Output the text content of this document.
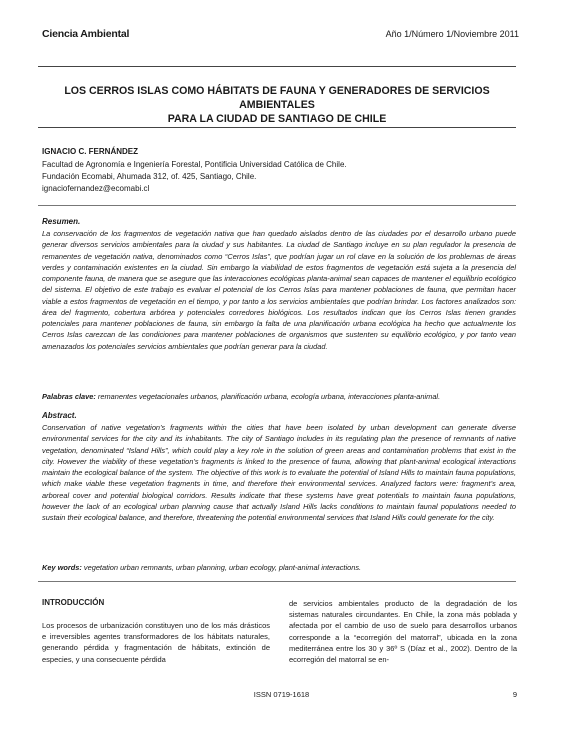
Ciencia Ambiental	Año 1/Número 1/Noviembre 2011
LOS CERROS ISLAS COMO HÁBITATS DE FAUNA Y GENERADORES DE SERVICIOS AMBIENTALES
PARA LA CIUDAD DE SANTIAGO DE CHILE
IGNACIO C. FERNÁNDEZ
Facultad de Agronomía e Ingeniería Forestal, Pontificia Universidad Católica de Chile.
Fundación Ecomabi, Ahumada 312, of. 425, Santiago, Chile.
ignaciofernandez@ecomabi.cl
Resumen.

La conservación de los fragmentos de vegetación nativa que han quedado aislados dentro de las ciudades por el desarrollo urbano puede generar diversos servicios ambientales para la ciudad y sus habitantes. La ciudad de Santiago incluye en su plan regulador la presencia de remanentes de vegetación nativa, denominados como “Cerros Islas”, que podrían jugar un rol clave en la solución de los problemas de áreas verdes y contaminación existentes en la ciudad. Sin embargo la viabilidad de estos fragmentos de vegetación está sujeta a la presencia del componente fauna, de manera que se asegure que las interacciones ecológicas planta-animal sean capaces de mantener el equilibrio ecológico del sistema. El objetivo de este trabajo es evaluar el potencial de los Cerros Islas para mantener poblaciones de fauna, que permitan hacer viable a estos fragmentos de vegetación en el tiempo, y por tanto a los servicios ambientales que podrían brindar. Los factores analizados son: área del fragmento, cobertura arbórea y potenciales corredores biológicos. Los resultados indican que los Cerros Islas tienen grandes potenciales para mantener poblaciones de fauna, sin embargo la falta de una planificación urbana ecológica ha hecho que actualmente los Cerros Islas carezcan de las condiciones para mantener poblaciones de organismos que sustenten su equilibrio ecológico, y por tanto vean amenazados los potenciales servicios ambientales que podrían generar para la ciudad.

Palabras clave: remanentes vegetacionales urbanos, planificación urbana, ecología urbana, interacciones planta-animal.
Abstract.

Conservation of native vegetation’s fragments within the cities that have been isolated by urban development can generate diverse environmental services for the city and its inhabitants. The city of Santiago includes in its regulating plan the presence of remnants of native vegetation, denominated “Island Hills”, which could play a key role in the solution of green areas and contamination problems that exist in the city. However the viability of these vegetation’s fragments is linked to the presence of fauna, allowing that plant-animal ecological interactions maintain the ecological balance of the system. The objective of this work is to evaluate the potential of Island Hills to maintain fauna populations, which make viable these vegetation fragments in time, and therefore their environmental services. Analyzed factors were: fragment’s area, arboreal cover and potential biological corridors. Results indicate that these systems have great potentials to maintain fauna populations, however the lack of an ecological urban planning cause that actually Island Hills lacks conditions to maintain faunal populations needed to sustain their ecological balance, and therefore, threatening the potential environmental services that Island Hills could generate for the city.

Key words: vegetation urban remnants, urban planning, urban ecology, plant-animal interactions.
INTRODUCCIÓN

Los procesos de urbanización constituyen uno de los más drásticos e irreversibles agentes transformadores de los hábitats naturales, generando pérdida y fragmentación de hábitats, extinción de especies, y una consecuente pérdida

de servicios ambientales producto de la degradación de los sistemas naturales circundantes. En Chile, la zona más poblada y afectada por el cambio de uso de suelo para desarrollos urbanos corresponde a la “ecorregión del matorral”, ubicada en la zona mediterránea entre los 30 y 36º S (Díaz et al., 2002). Dentro de la ecorregión del matorral se en-

ISSN 0719-1618	9
